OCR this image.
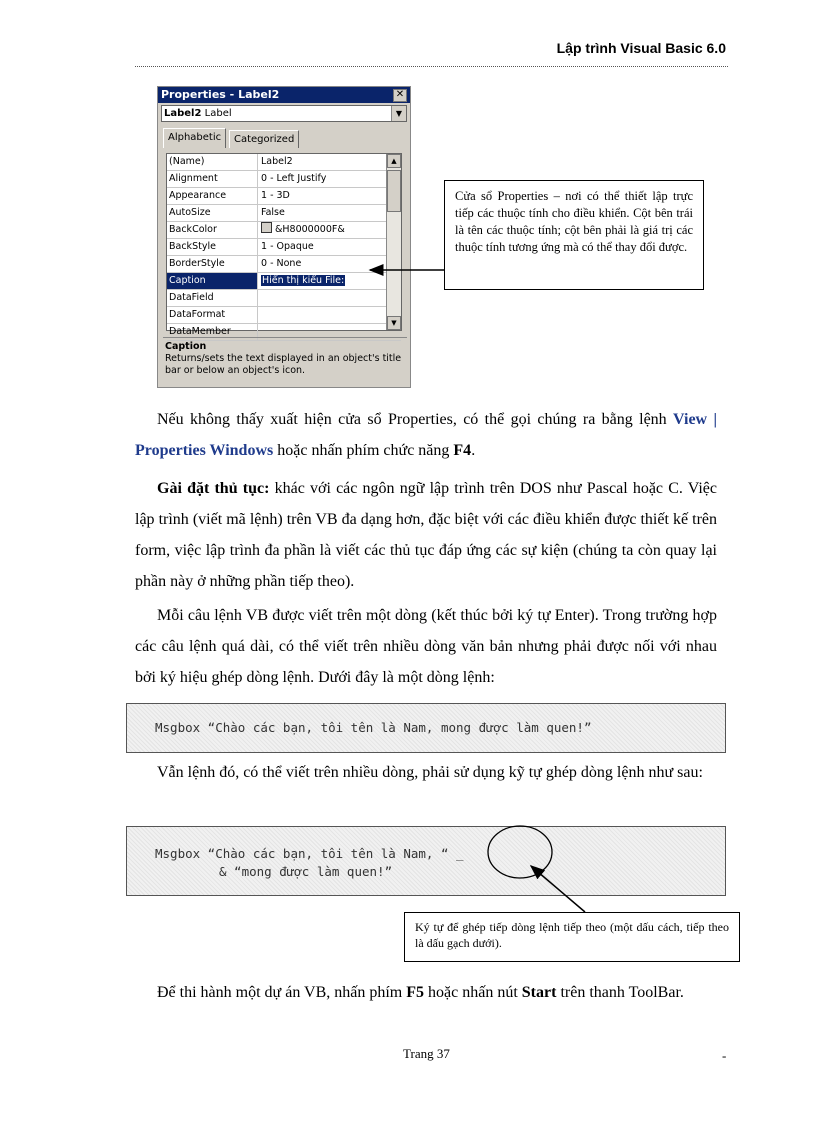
Lập trình Visual Basic 6.0
Properties - Label2	✕
Label2 Label	▼
Alphabetic	Categorized
(Name)	Label2
Alignment	0 - Left Justify
Appearance	1 - 3D
AutoSize	False
BackColor	&H8000000F&
BackStyle	1 - Opaque
BorderStyle	0 - None
Caption	Hiển thị kiểu File:
DataField
DataFormat
DataMember
▲
▼
Caption
Returns/sets the text displayed in an object's title bar or below an object's icon.
Cửa sổ Properties – nơi có thể thiết lập trực tiếp các thuộc tính cho điều khiển. Cột bên trái là tên các thuộc tính; cột bên phải là giá trị các thuộc tính tương ứng mà có thể thay đổi được.

Nếu không thấy xuất hiện cửa sổ Properties, có thể gọi chúng ra bằng lệnh View | Properties Windows hoặc nhấn phím chức năng F4.

Gài đặt thủ tục: khác với các ngôn ngữ lập trình trên DOS như Pascal hoặc C. Việc lập trình (viết mã lệnh) trên VB đa dạng hơn, đặc biệt với các điều khiển được thiết kế trên form, việc lập trình đa phần là viết các thủ tục đáp ứng các sự kiện (chúng ta còn quay lại phần này ở những phần tiếp theo).

Mỗi câu lệnh VB được viết trên một dòng (kết thúc bởi ký tự Enter). Trong trường hợp các câu lệnh quá dài, có thể viết trên nhiều dòng văn bản nhưng phải được nối với nhau bởi ký hiệu ghép dòng lệnh. Dưới đây là một dòng lệnh:

Msgbox “Chào các bạn, tôi tên là Nam, mong được làm quen!”

Vẫn lệnh đó, có thể viết trên nhiều dòng, phải sử dụng kỹ tự ghép dòng lệnh như sau:

Msgbox “Chào các bạn, tôi tên là Nam, “ _
& “mong được làm quen!”
Ký tự để ghép tiếp dòng lệnh tiếp theo (một dấu cách, tiếp theo là dấu gạch dưới).

Để thi hành một dự án VB, nhấn phím F5 hoặc nhấn nút Start trên thanh ToolBar.

Trang 37	-
